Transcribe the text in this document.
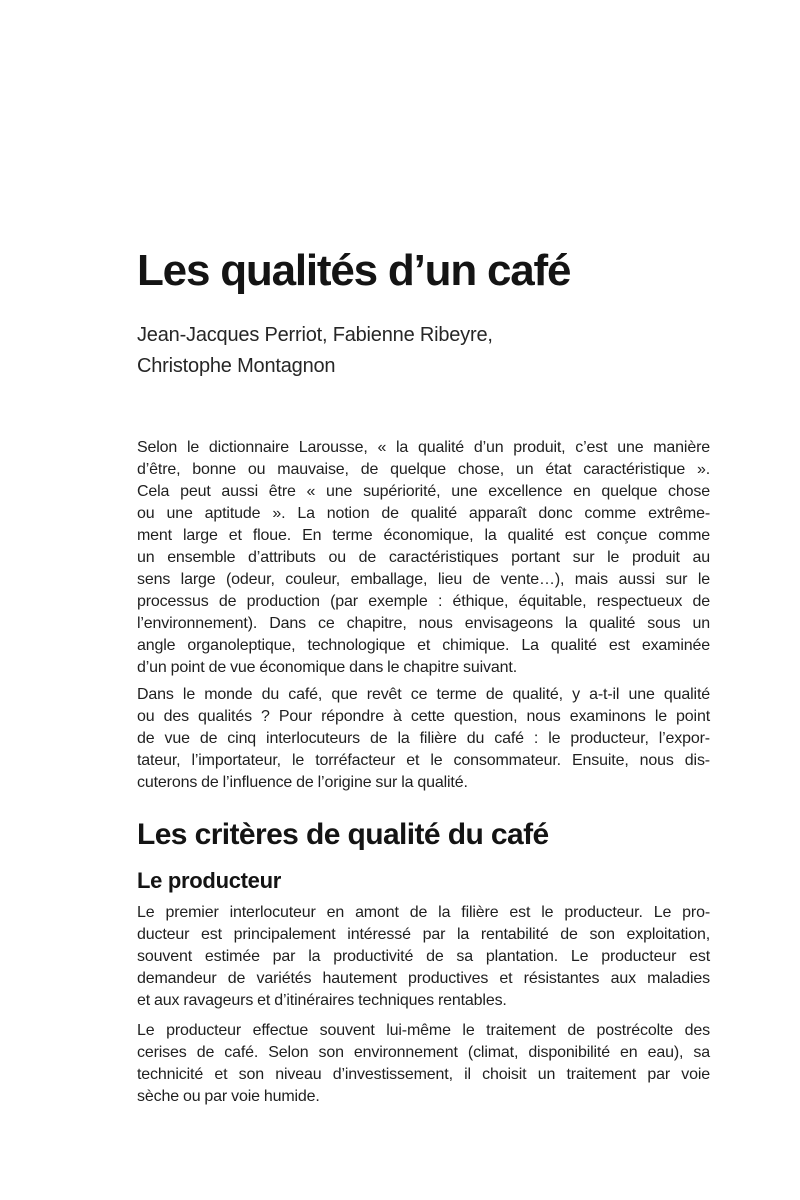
Les qualités d’un café
Jean-Jacques Perriot, Fabienne Ribeyre,
Christophe Montagnon
Selon le dictionnaire Larousse, « la qualité d’un produit, c’est une manière
d’être, bonne ou mauvaise, de quelque chose, un état caractéristique ».
Cela peut aussi être « une supériorité, une excellence en quelque chose
ou une aptitude ». La notion de qualité apparaît donc comme extrême-
ment large et floue. En terme économique, la qualité est conçue comme
un ensemble d’attributs ou de caractéristiques portant sur le produit au
sens large (odeur, couleur, emballage, lieu de vente…), mais aussi sur le
processus de production (par exemple : éthique, équitable, respectueux de
l’environnement). Dans ce chapitre, nous envisageons la qualité sous un
angle organoleptique, technologique et chimique. La qualité est examinée
d’un point de vue économique dans le chapitre suivant.
Dans le monde du café, que revêt ce terme de qualité, y a-t-il une qualité
ou des qualités ? Pour répondre à cette question, nous examinons le point
de vue de cinq interlocuteurs de la filière du café : le producteur, l’expor-
tateur, l’importateur, le torréfacteur et le consommateur. Ensuite, nous dis-
cuterons de l’influence de l’origine sur la qualité.
Les critères de qualité du café
Le producteur
Le premier interlocuteur en amont de la filière est le producteur. Le pro-
ducteur est principalement intéressé par la rentabilité de son exploitation,
souvent estimée par la productivité de sa plantation. Le producteur est
demandeur de variétés hautement productives et résistantes aux maladies
et aux ravageurs et d’itinéraires techniques rentables.
Le producteur effectue souvent lui-même le traitement de postrécolte des
cerises de café. Selon son environnement (climat, disponibilité en eau), sa
technicité et son niveau d’investissement, il choisit un traitement par voie
sèche ou par voie humide.
